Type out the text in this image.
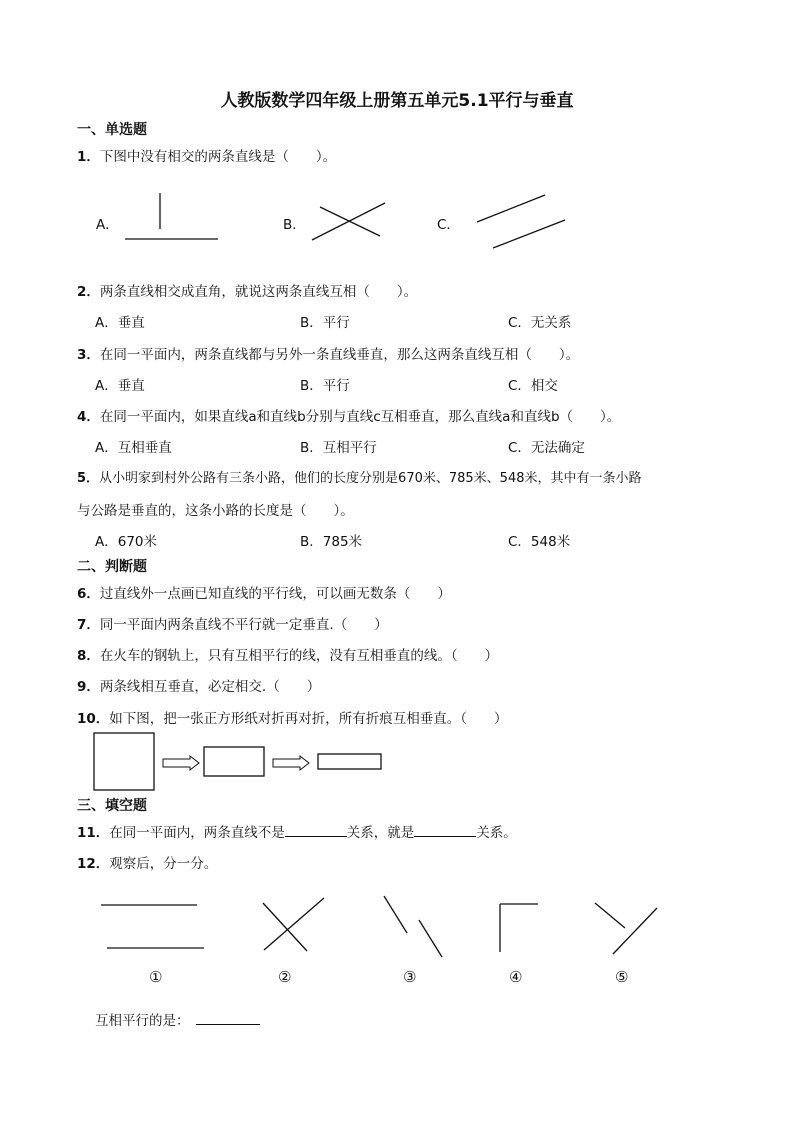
人教版数学四年级上册第五单元5.1平行与垂直
一、单选题
1．下图中没有相交的两条直线是（　　）。
A．	B．	C．
2．两条直线相交成直角，就说这两条直线互相（　　）。
A．垂直	B．平行	C．无关系
3．在同一平面内，两条直线都与另外一条直线垂直，那么这两条直线互相（　　）。
A．垂直	B．平行	C．相交
4．在同一平面内，如果直线a和直线b分别与直线c互相垂直，那么直线a和直线b（　　）。
A．互相垂直	B．互相平行	C．无法确定
5．从小明家到村外公路有三条小路，他们的长度分别是670米、785米、548米，其中有一条小路
与公路是垂直的，这条小路的长度是（　　）。
A．670米	B．785米	C．548米
二、判断题
6．过直线外一点画已知直线的平行线，可以画无数条（　　）
7．同一平面内两条直线不平行就一定垂直.（　　）
8．在火车的钢轨上，只有互相平行的线，没有互相垂直的线。（　　）
9．两条线相互垂直，必定相交.（　　）
10．如下图，把一张正方形纸对折再对折，所有折痕互相垂直。（　　）
三、填空题
11．在同一平面内，两条直线不是	关系，就是	关系。
12．观察后，分一分。
①	②	③	④	⑤
互相平行的是：
